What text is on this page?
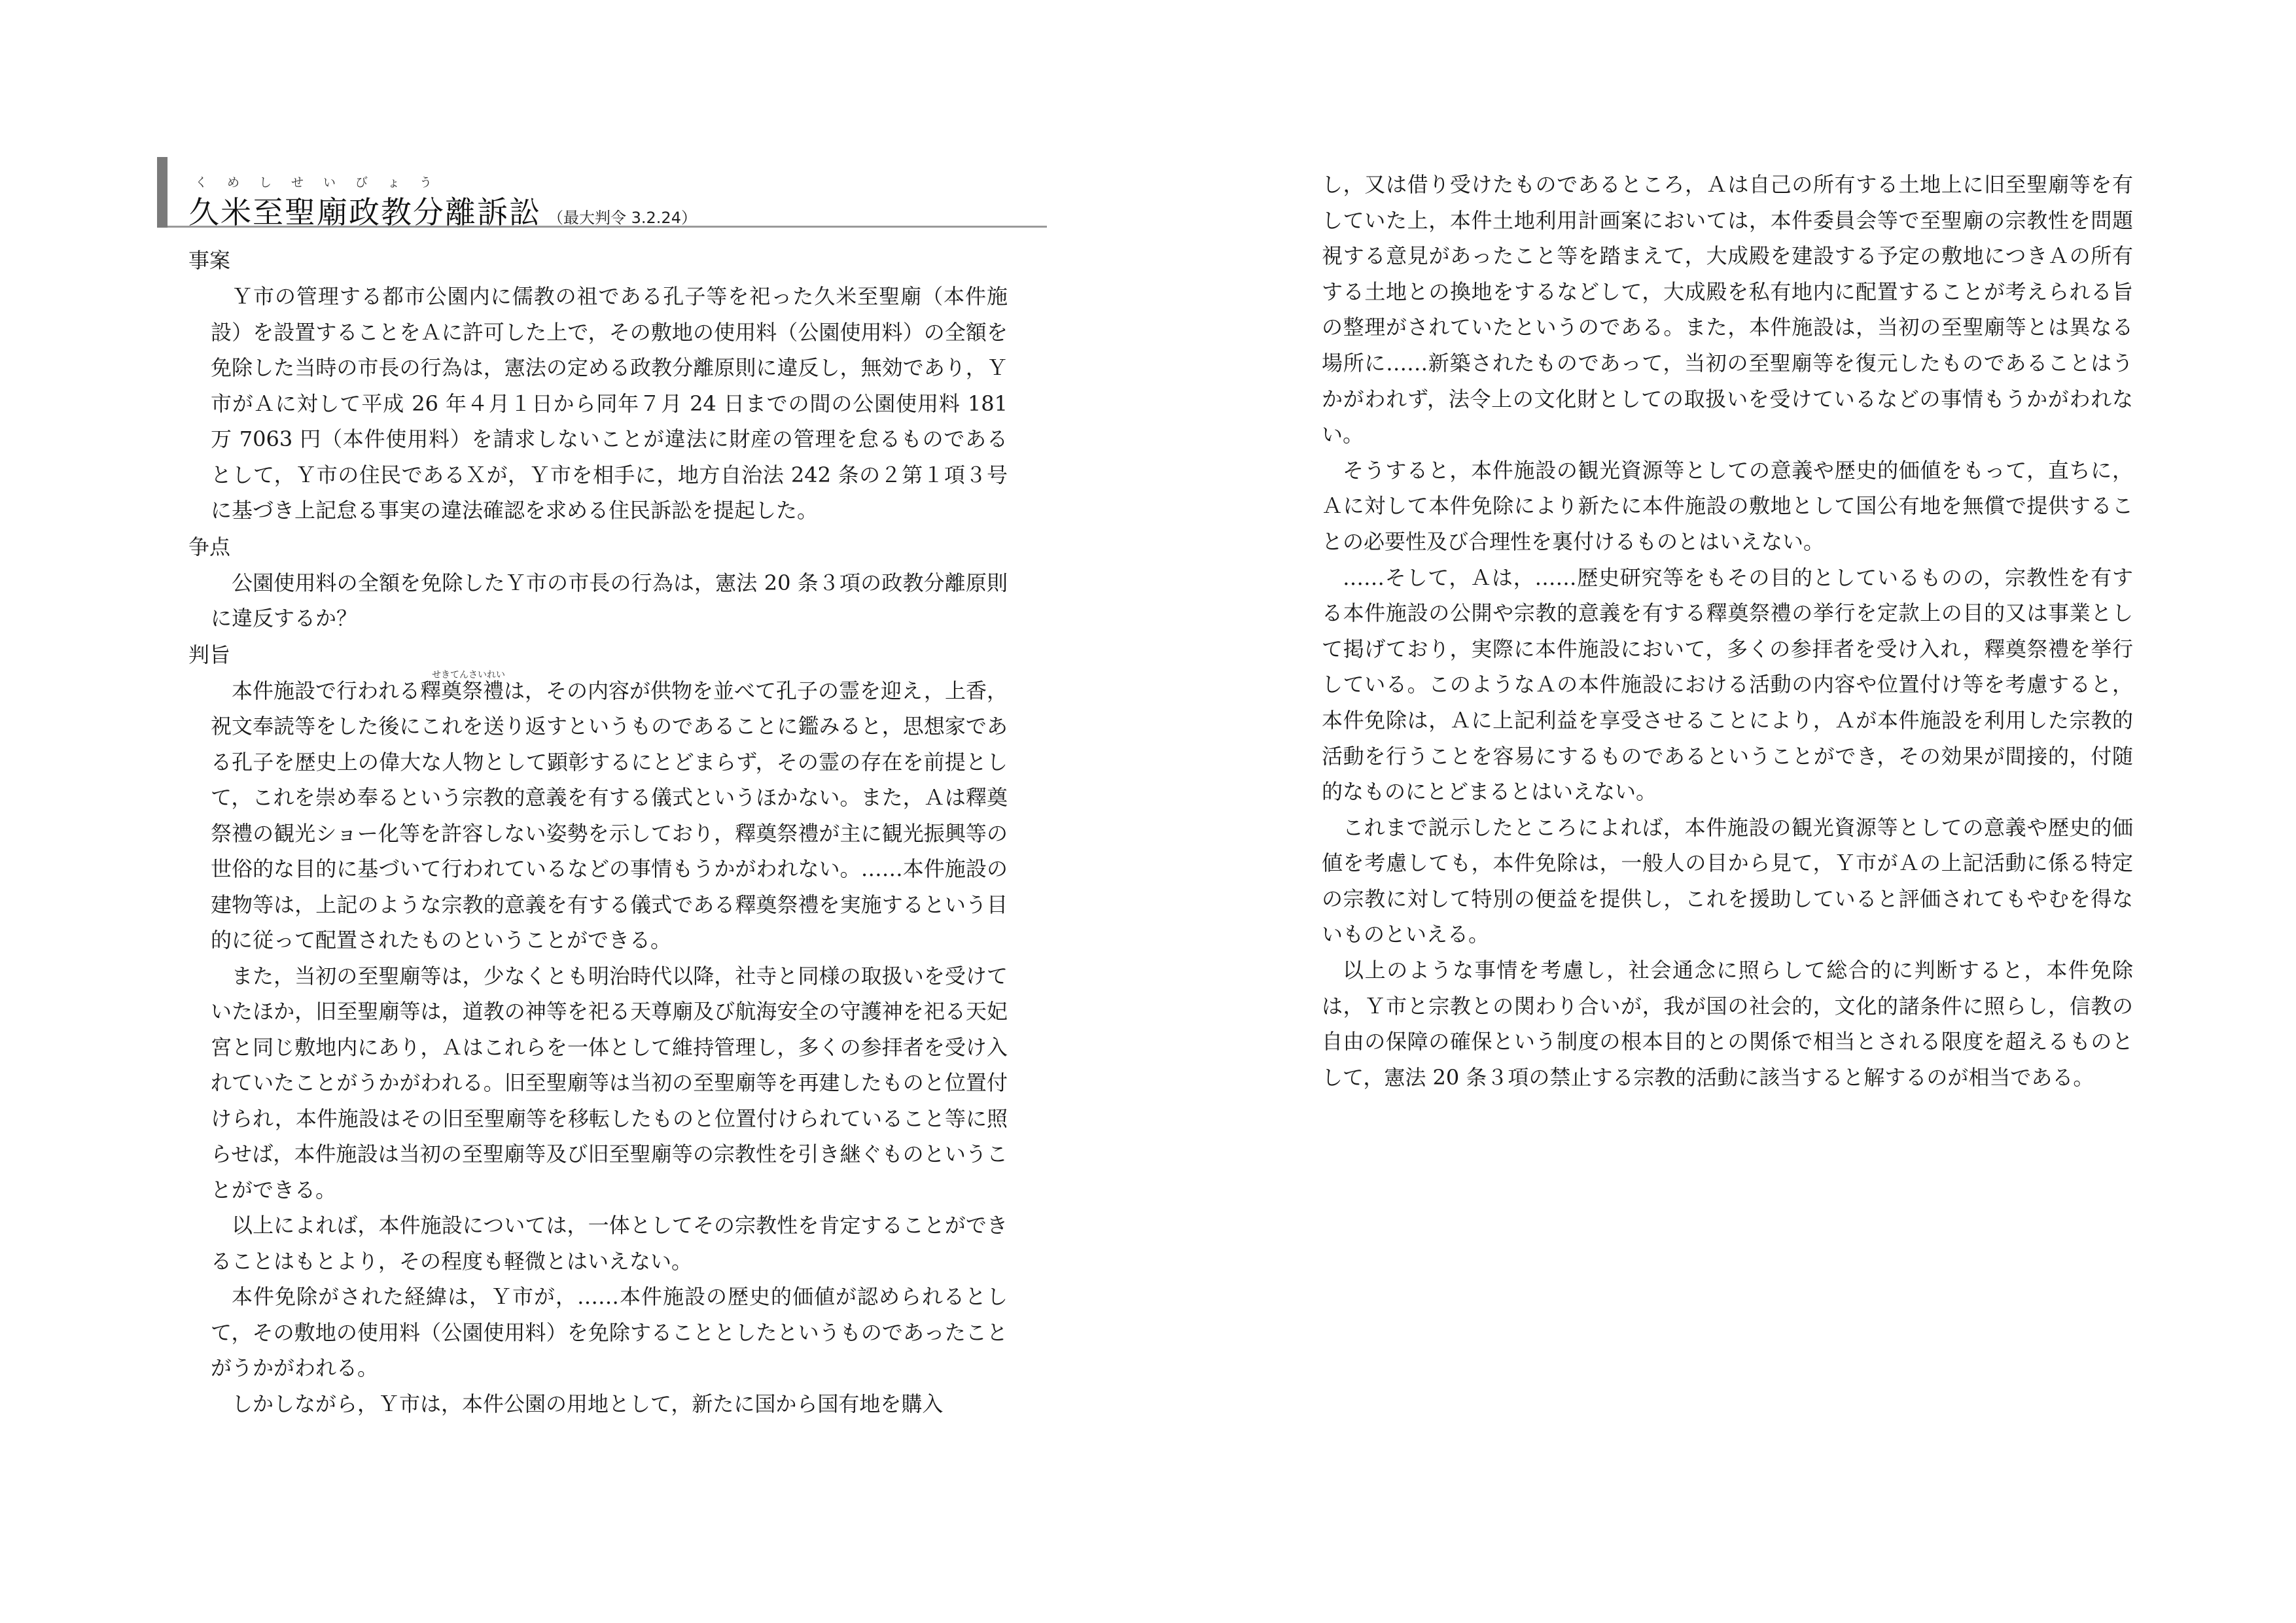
くめしせいびょう
久米至聖廟政教分離訴訟 （最大判令 3.2.24）
事案

Ｙ市の管理する都市公園内に儒教の祖である孔子等を祀った久米至聖廟（本件施設）を設置することをＡに許可した上で，その敷地の使用料（公園使用料）の全額を免除した当時の市長の行為は，憲法の定める政教分離原則に違反し，無効であり，Ｙ市がＡに対して平成 26 年４月１日から同年７月 24 日までの間の公園使用料 181 万 7063 円（本件使用料）を請求しないことが違法に財産の管理を怠るものであるとして，Ｙ市の住民であるＸが，Ｙ市を相手に，地方自治法 242 条の２第１項３号に基づき上記怠る事実の違法確認を求める住民訴訟を提起した。

争点

公園使用料の全額を免除したＹ市の市長の行為は，憲法 20 条３項の政教分離原則に違反するか？

判旨
せきてんさいれい

本件施設で行われる釋奠祭禮は，その内容が供物を並べて孔子の霊を迎え，上香，祝文奉読等をした後にこれを送り返すというものであることに鑑みると，思想家である孔子を歴史上の偉大な人物として顕彰するにとどまらず，その霊の存在を前提として，これを崇め奉るという宗教的意義を有する儀式というほかない。また，Ａは釋奠祭禮の観光ショー化等を許容しない姿勢を示しており，釋奠祭禮が主に観光振興等の世俗的な目的に基づいて行われているなどの事情もうかがわれない。……本件施設の建物等は，上記のような宗教的意義を有する儀式である釋奠祭禮を実施するという目的に従って配置されたものということができる。

また，当初の至聖廟等は，少なくとも明治時代以降，社寺と同様の取扱いを受けていたほか，旧至聖廟等は，道教の神等を祀る天尊廟及び航海安全の守護神を祀る天妃宮と同じ敷地内にあり，Ａはこれらを一体として維持管理し，多くの参拝者を受け入れていたことがうかがわれる。旧至聖廟等は当初の至聖廟等を再建したものと位置付けられ，本件施設はその旧至聖廟等を移転したものと位置付けられていること等に照らせば，本件施設は当初の至聖廟等及び旧至聖廟等の宗教性を引き継ぐものということができる。

以上によれば，本件施設については，一体としてその宗教性を肯定することができることはもとより，その程度も軽微とはいえない。

本件免除がされた経緯は，Ｙ市が，……本件施設の歴史的価値が認められるとして，その敷地の使用料（公園使用料）を免除することとしたというものであったことがうかがわれる。

しかしながら，Ｙ市は，本件公園の用地として，新たに国から国有地を購入

し，又は借り受けたものであるところ，Ａは自己の所有する土地上に旧至聖廟等を有していた上，本件土地利用計画案においては，本件委員会等で至聖廟の宗教性を問題視する意見があったこと等を踏まえて，大成殿を建設する予定の敷地につきＡの所有する土地との換地をするなどして，大成殿を私有地内に配置することが考えられる旨の整理がされていたというのである。また，本件施設は，当初の至聖廟等とは異なる場所に……新築されたものであって，当初の至聖廟等を復元したものであることはうかがわれず，法令上の文化財としての取扱いを受けているなどの事情もうかがわれない。

そうすると，本件施設の観光資源等としての意義や歴史的価値をもって，直ちに，Ａに対して本件免除により新たに本件施設の敷地として国公有地を無償で提供することの必要性及び合理性を裏付けるものとはいえない。

……そして，Ａは，……歴史研究等をもその目的としているものの，宗教性を有する本件施設の公開や宗教的意義を有する釋奠祭禮の挙行を定款上の目的又は事業として掲げており，実際に本件施設において，多くの参拝者を受け入れ，釋奠祭禮を挙行している。このようなＡの本件施設における活動の内容や位置付け等を考慮すると，本件免除は，Ａに上記利益を享受させることにより，Ａが本件施設を利用した宗教的活動を行うことを容易にするものであるということができ，その効果が間接的，付随的なものにとどまるとはいえない。

これまで説示したところによれば，本件施設の観光資源等としての意義や歴史的価値を考慮しても，本件免除は，一般人の目から見て，Ｙ市がＡの上記活動に係る特定の宗教に対して特別の便益を提供し，これを援助していると評価されてもやむを得ないものといえる。

以上のような事情を考慮し，社会通念に照らして総合的に判断すると，本件免除は，Ｙ市と宗教との関わり合いが，我が国の社会的，文化的諸条件に照らし，信教の自由の保障の確保という制度の根本目的との関係で相当とされる限度を超えるものとして，憲法 20 条３項の禁止する宗教的活動に該当すると解するのが相当である。
